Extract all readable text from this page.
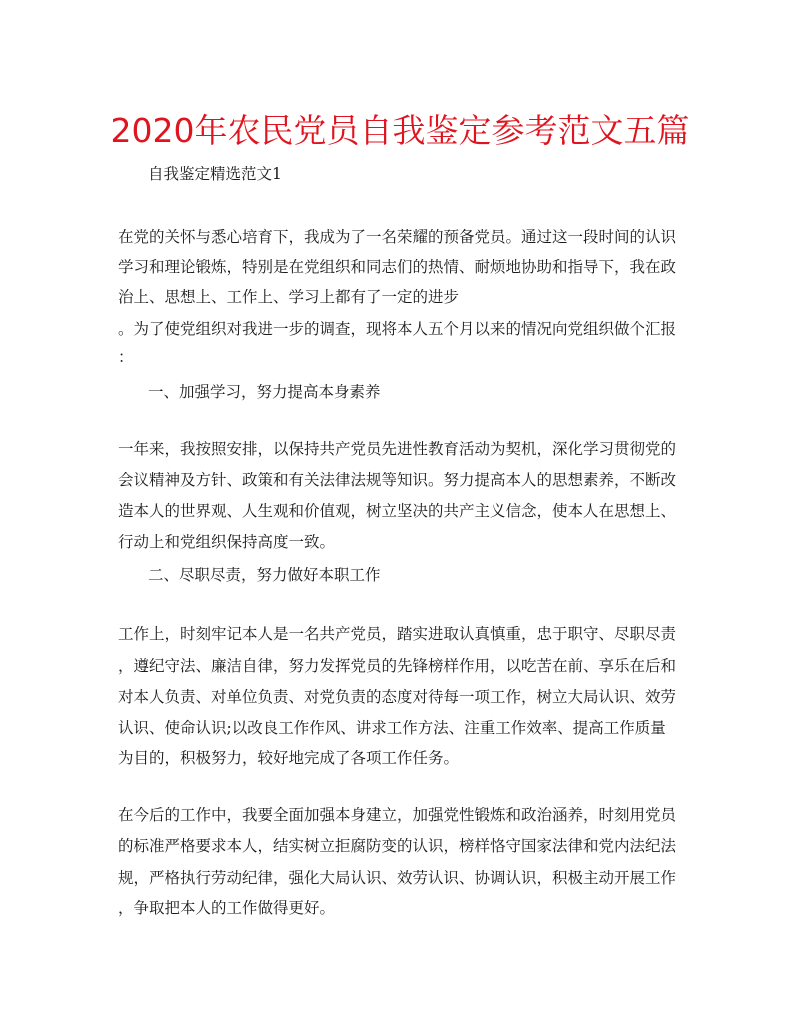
2020年农民党员自我鉴定参考范文五篇
自我鉴定精选范文1
在党的关怀与悉心培育下，我成为了一名荣耀的预备党员。通过这一段时间的认识
学习和理论锻炼，特别是在党组织和同志们的热情、耐烦地协助和指导下，我在政
治上、思想上、工作上、学习上都有了一定的进步
。为了使党组织对我进一步的调查，现将本人五个月以来的情况向党组织做个汇报
：
一、加强学习，努力提高本身素养
一年来，我按照安排，以保持共产党员先进性教育活动为契机，深化学习贯彻党的
会议精神及方针、政策和有关法律法规等知识。努力提高本人的思想素养，不断改
造本人的世界观、人生观和价值观，树立坚决的共产主义信念，使本人在思想上、
行动上和党组织保持高度一致。
二、尽职尽责，努力做好本职工作
工作上，时刻牢记本人是一名共产党员，踏实进取认真慎重，忠于职守、尽职尽责
，遵纪守法、廉洁自律，努力发挥党员的先锋榜样作用，以吃苦在前、享乐在后和
对本人负责、对单位负责、对党负责的态度对待每一项工作，树立大局认识、效劳
认识、使命认识;以改良工作作风、讲求工作方法、注重工作效率、提高工作质量
为目的，积极努力，较好地完成了各项工作任务。
在今后的工作中，我要全面加强本身建立，加强党性锻炼和政治涵养，时刻用党员
的标准严格要求本人，结实树立拒腐防变的认识，榜样恪守国家法律和党内法纪法
规，严格执行劳动纪律，强化大局认识、效劳认识、协调认识，积极主动开展工作
，争取把本人的工作做得更好。
